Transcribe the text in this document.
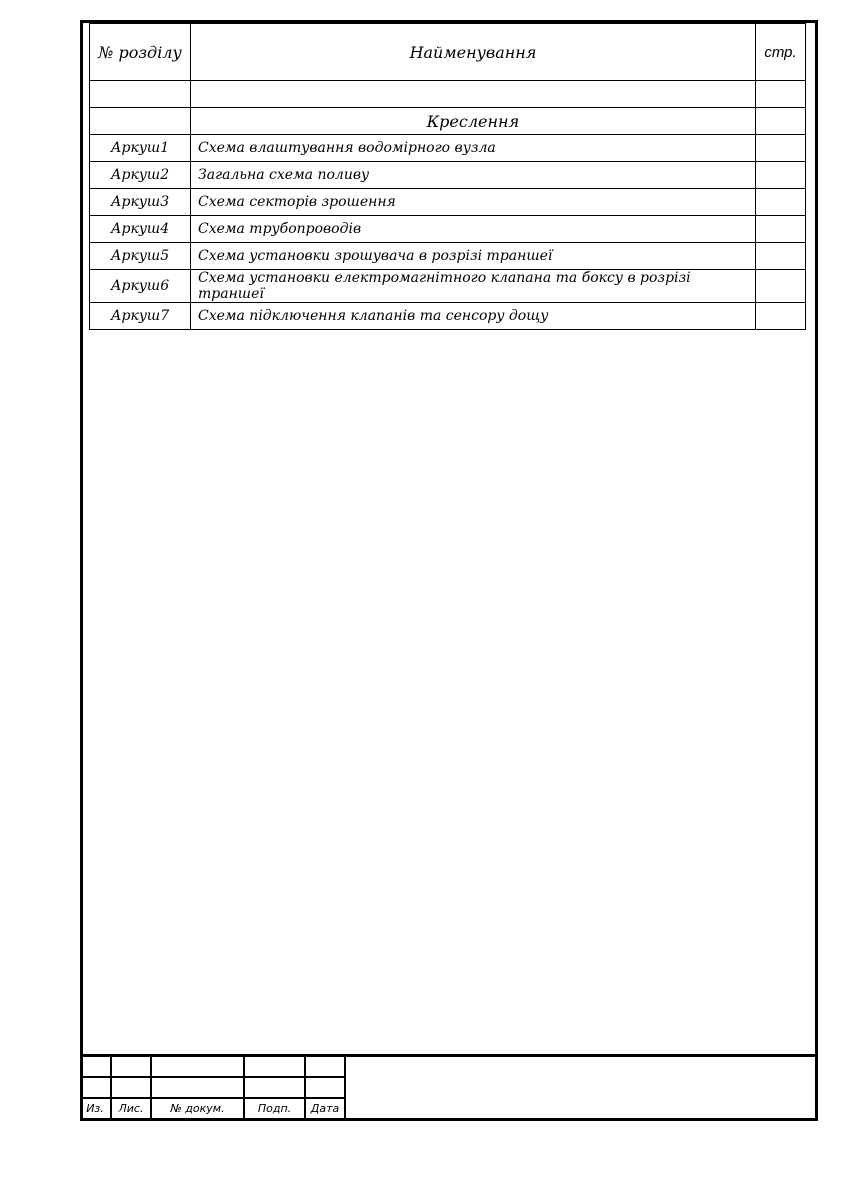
№ розділу	Найменування	стр.

	Креслення	
Аркуш1	Схема влаштування водомірного вузла	
Аркуш2	Загальна схема поливу	
Аркуш3	Схема секторів зрошення	
Аркуш4	Схема трубопроводів	
Аркуш5	Схема установки зрошувача в розрізі траншеї	
Аркуш6	Схема установки електромагнітного клапана та боксу в розрізі траншеї	
Аркуш7	Схема підключення клапанів та сенсору дощу	

Из.	Лис.	№ докум.	Подп.	Дата
